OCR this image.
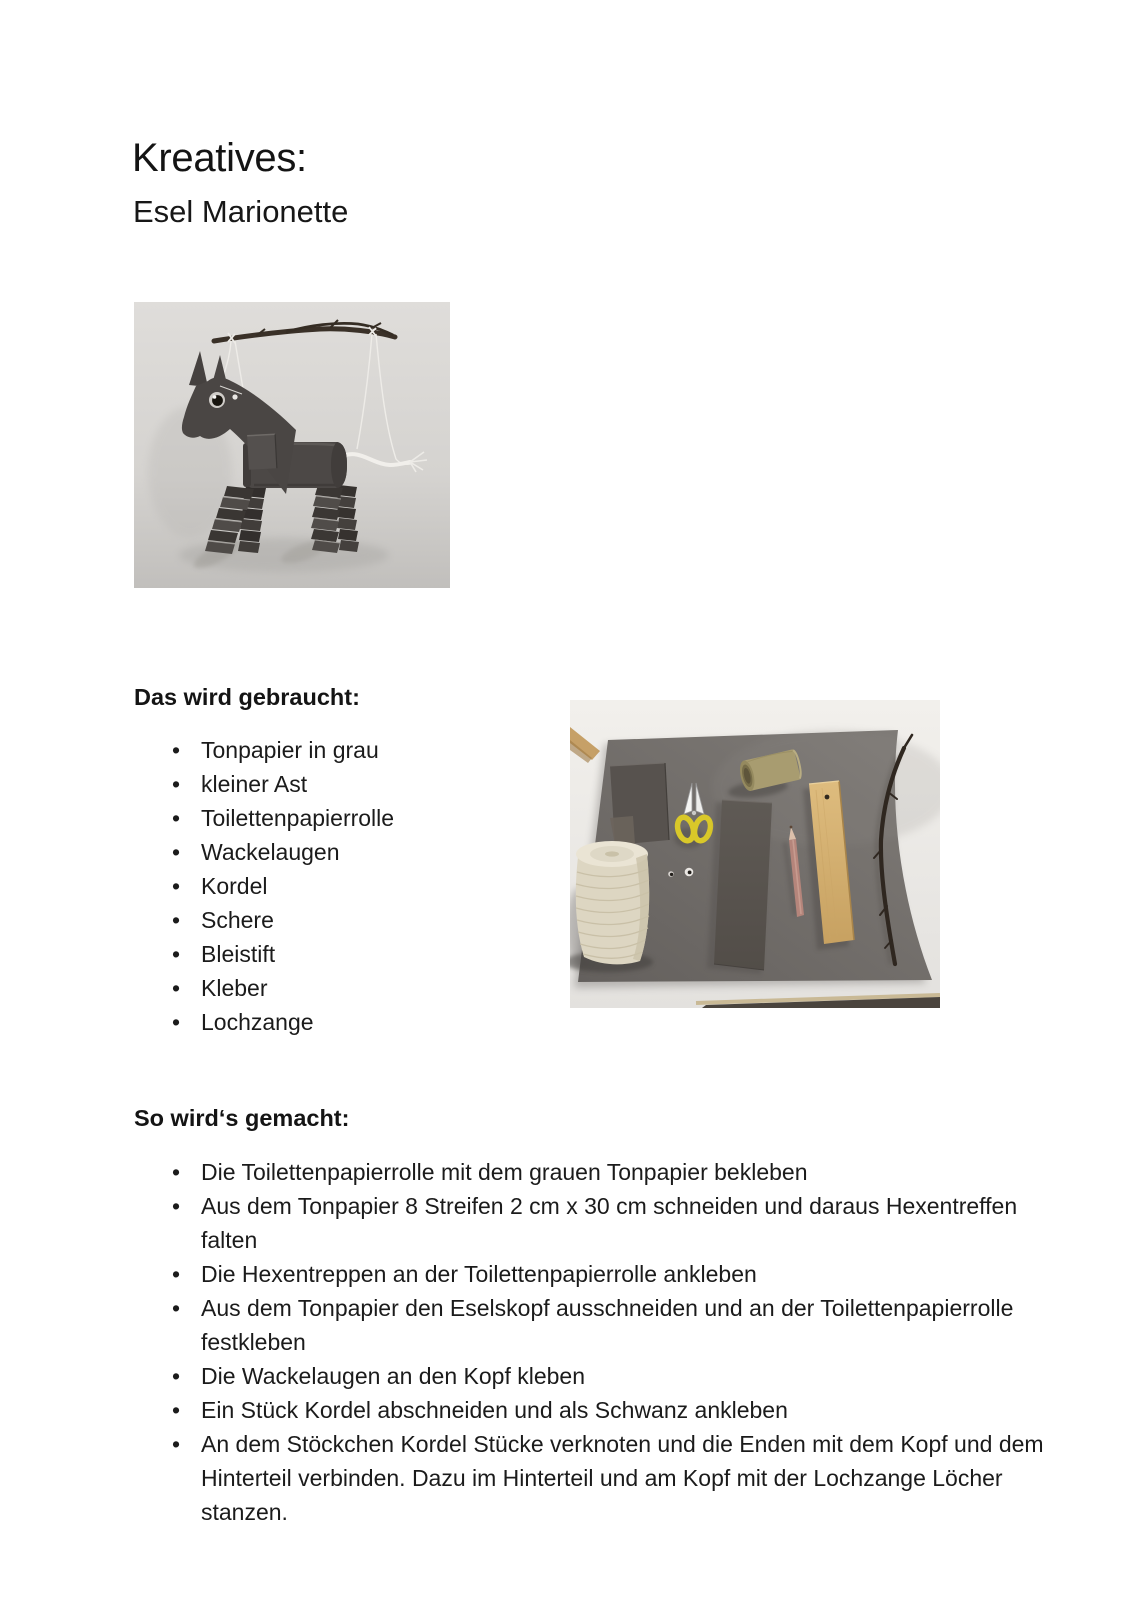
Kreatives:
Esel Marionette
Das wird gebraucht:
• Tonpapier in grau
• kleiner Ast
• Toilettenpapierrolle
• Wackelaugen
• Kordel
• Schere
• Bleistift
• Kleber
• Lochzange
So wird‘s gemacht:
• Die Toilettenpapierrolle mit dem grauen Tonpapier bekleben
• Aus dem Tonpapier 8 Streifen 2 cm x 30 cm schneiden und daraus Hexentreffen falten
• Die Hexentreppen an der Toilettenpapierrolle ankleben
• Aus dem Tonpapier den Eselskopf ausschneiden und an der Toilettenpapierrolle festkleben
• Die Wackelaugen an den Kopf kleben
• Ein Stück Kordel abschneiden und als Schwanz ankleben
• An dem Stöckchen Kordel Stücke verknoten und die Enden mit dem Kopf und dem Hinterteil verbinden. Dazu im Hinterteil und am Kopf mit der Lochzange Löcher stanzen.
